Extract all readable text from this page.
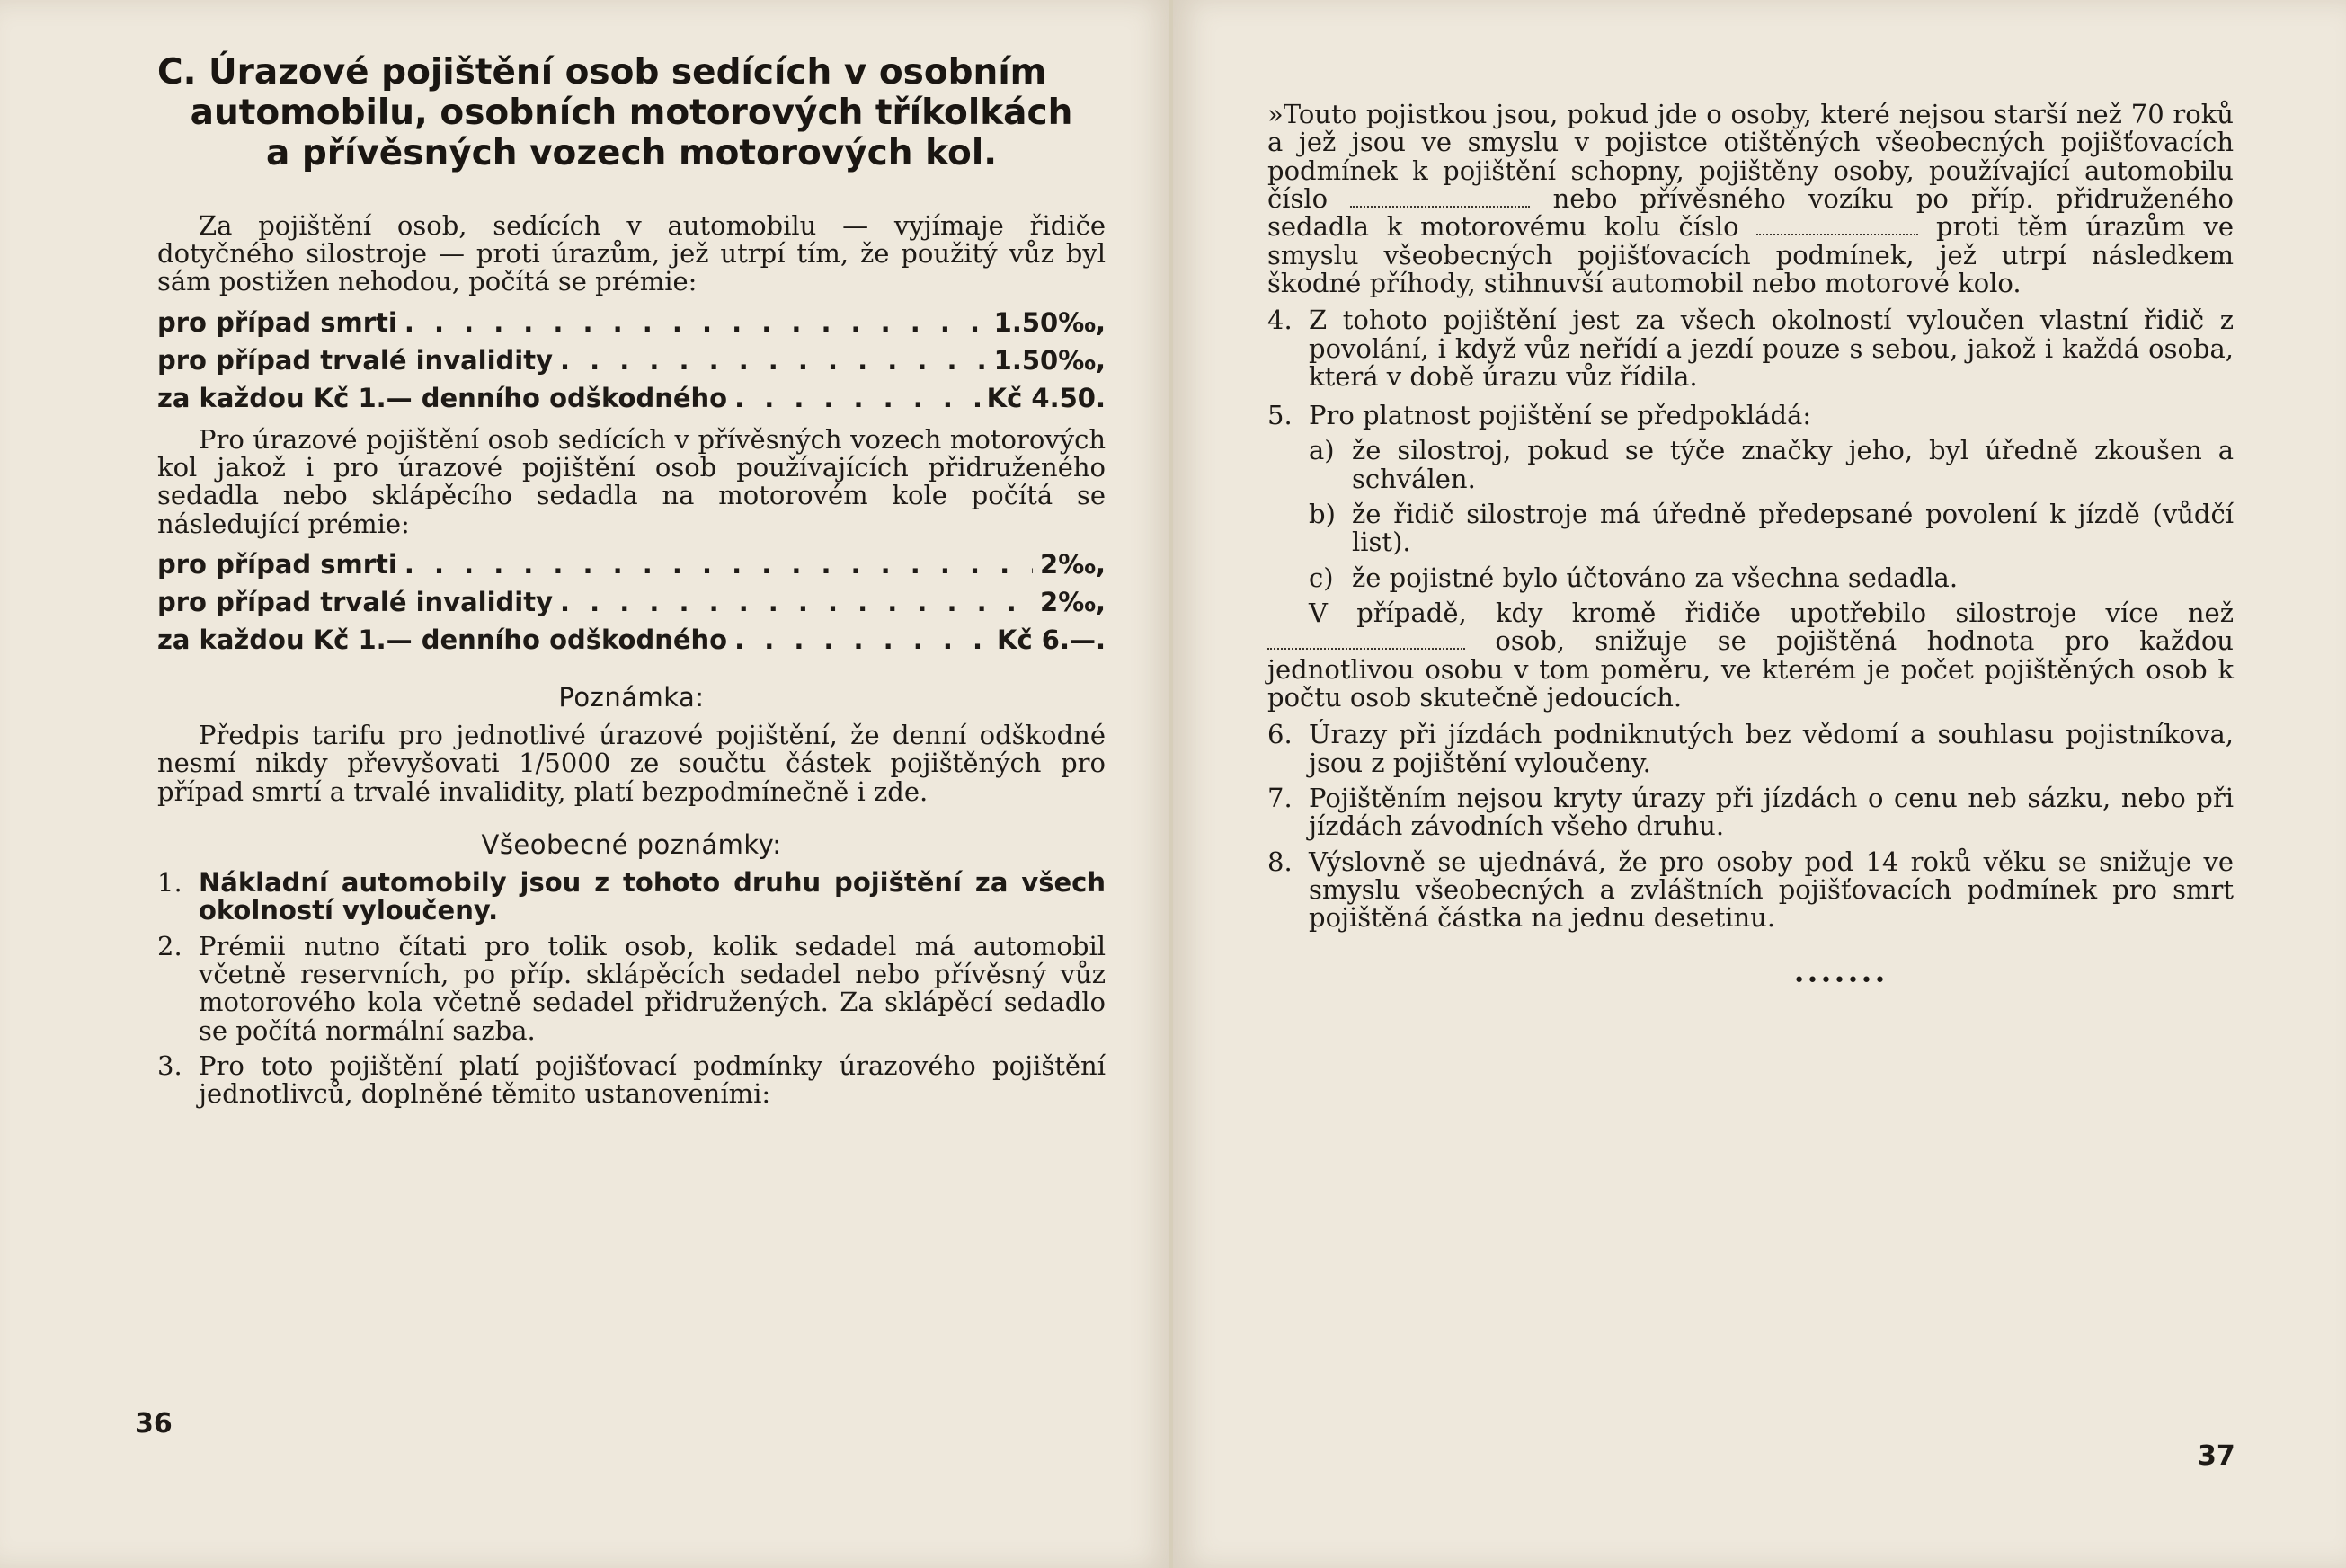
C. Úrazové pojištění osob sedících v osobním
automobilu, osobních motorových tříkolkách
a přívěsných vozech motorových kol.

Za pojištění osob, sedících v automobilu — vyjímaje řidiče dotyčného silostroje — proti úrazům, jež utrpí tím, že použitý vůz byl sám postižen nehodou, počítá se prémie:

pro případ smrti . . .	1.50‰,
pro případ trvalé invalidity . . .	1.50‰,
za každou Kč 1.— denního odškodného . . .	Kč 4.50.

Pro úrazové pojištění osob sedících v přívěsných vozech motorových kol jakož i pro úrazové pojištění osob používajících přidruženého sedadla nebo sklápěcího sedadla na motorovém kole počítá se následující prémie:

pro případ smrti . . .	2‰,
pro případ trvalé invalidity . . .	2‰,
za každou Kč 1.— denního odškodného . . .	Kč 6.—.
Poznámka:

Předpis tarifu pro jednotlivé úrazové pojištění, že denní odškodné nesmí nikdy převyšovati 1/5000 ze součtu částek pojištěných pro případ smrtí a trvalé invalidity, platí bezpodmínečně i zde.

Všeobecné poznámky:
1. Nákladní automobily jsou z tohoto druhu pojištění za všech okolností vyloučeny.
2. Prémii nutno čítati pro tolik osob, kolik sedadel má automobil včetně reservních, po příp. sklápěcích sedadel nebo přívěsný vůz motorového kola včetně sedadel přidružených. Za sklápěcí sedadlo se počítá normální sazba.
3. Pro toto pojištění platí pojišťovací podmínky úrazového pojištění jednotlivců, doplněné těmito ustanoveními:
36

»Touto pojistkou jsou, pokud jde o osoby, které nejsou starší než 70 roků a jež jsou ve smyslu v pojistce otištěných všeobecných pojišťovacích podmínek k pojištění schopny, pojištěny osoby, používající automobilu číslo	nebo přívěsného vozíku po příp. přidruženého sedadla k motorovému kolu číslo	proti těm úrazům ve smyslu všeobecných pojišťovacích podmínek, jež utrpí následkem škodné příhody, stihnuvší automobil nebo motorové kolo.

4. Z tohoto pojištění jest za všech okolností vyloučen vlastní řidič z povolání, i když vůz neřídí a jezdí pouze s sebou, jakož i každá osoba, která v době úrazu vůz řídila.
5. Pro platnost pojištění se předpokládá:
a) že silostroj, pokud se týče značky jeho, byl úředně zkoušen a schválen.
b) že řidič silostroje má úředně předepsané povolení k jízdě (vůdčí list).
c) že pojistné bylo účtováno za všechna sedadla.

V případě, kdy kromě řidiče upotřebilo silostroje více než  osob, snižuje se pojištěná hodnota pro každou jednotlivou osobu v tom poměru, ve kterém je počet pojištěných osob k počtu osob skutečně jedoucích.

6. Úrazy při jízdách podniknutých bez vědomí a souhlasu pojistníkova, jsou z pojištění vyloučeny.
7. Pojištěním nejsou kryty úrazy při jízdách o cenu neb sázku, nebo při jízdách závodních všeho druhu.
8. Výslovně se ujednává, že pro osoby pod 14 roků věku se snižuje ve smyslu všeobecných a zvláštních pojišťovacích podmínek pro smrt pojištěná částka na jednu desetinu.
•••••••
37
